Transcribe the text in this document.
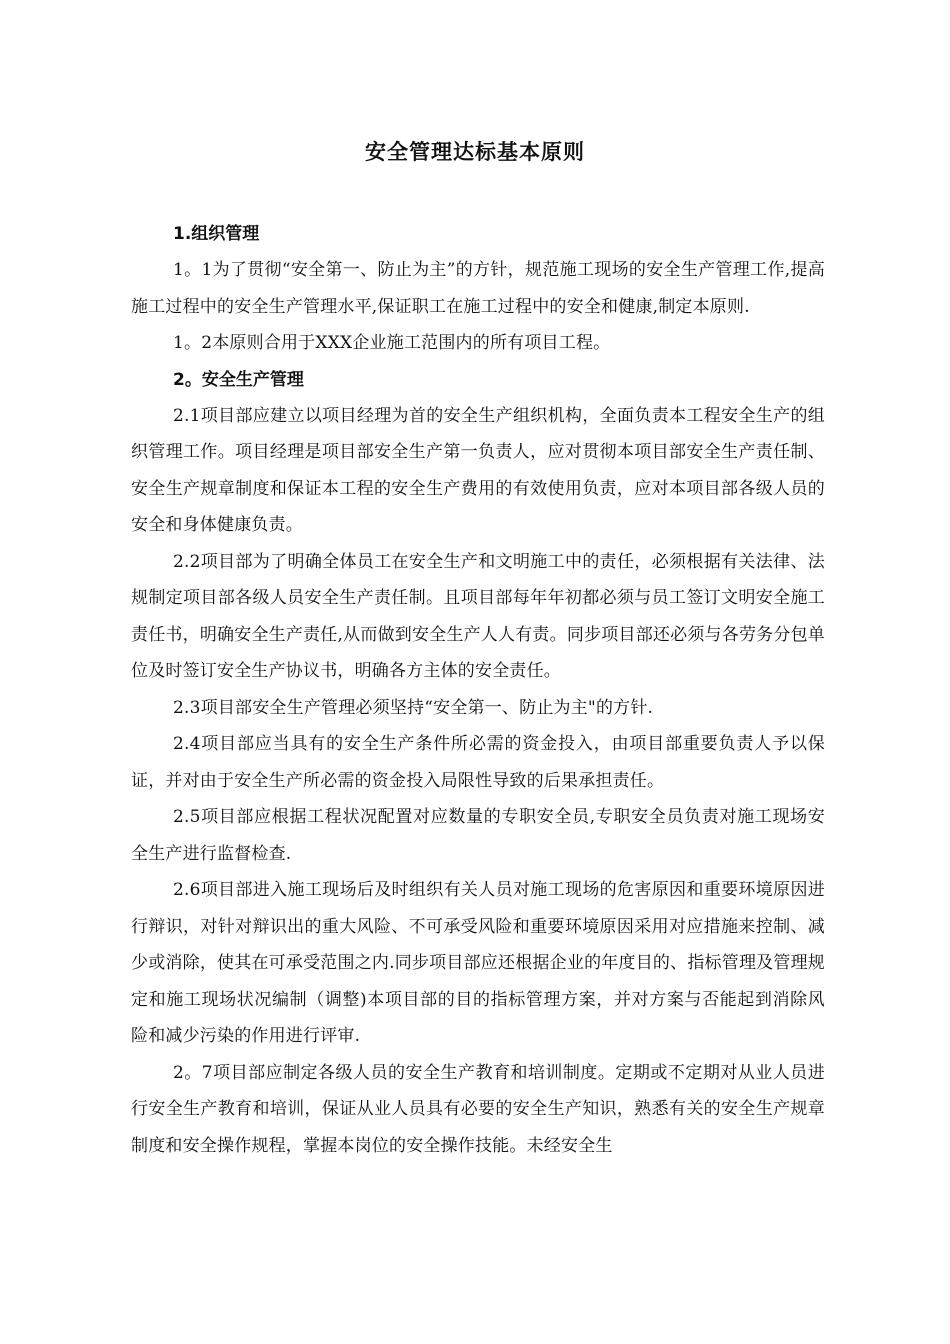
安全管理达标基本原则

1.组织管理

1。1为了贯彻“安全第一、防止为主”的方针，规范施工现场的安全生产管理工作,提高施工过程中的安全生产管理水平,保证职工在施工过程中的安全和健康,制定本原则.

1。2本原则合用于XXX企业施工范围内的所有项目工程。

2。安全生产管理

2.1项目部应建立以项目经理为首的安全生产组织机构，全面负责本工程安全生产的组织管理工作。项目经理是项目部安全生产第一负责人，应对贯彻本项目部安全生产责任制、安全生产规章制度和保证本工程的安全生产费用的有效使用负责，应对本项目部各级人员的安全和身体健康负责。

2.2项目部为了明确全体员工在安全生产和文明施工中的责任，必须根据有关法律、法规制定项目部各级人员安全生产责任制。且项目部每年年初都必须与员工签订文明安全施工责任书，明确安全生产责任,从而做到安全生产人人有责。同步项目部还必须与各劳务分包单位及时签订安全生产协议书，明确各方主体的安全责任。

2.3项目部安全生产管理必须坚持“安全第一、防止为主"的方针.

2.4项目部应当具有的安全生产条件所必需的资金投入，由项目部重要负责人予以保证，并对由于安全生产所必需的资金投入局限性导致的后果承担责任。

2.5项目部应根据工程状况配置对应数量的专职安全员,专职安全员负责对施工现场安全生产进行监督检查.

2.6项目部进入施工现场后及时组织有关人员对施工现场的危害原因和重要环境原因进行辩识，对针对辩识出的重大风险、不可承受风险和重要环境原因采用对应措施来控制、减少或消除，使其在可承受范围之内.同步项目部应还根据企业的年度目的、指标管理及管理规定和施工现场状况编制（调整)本项目部的目的指标管理方案，并对方案与否能起到消除风险和减少污染的作用进行评审.

2。7项目部应制定各级人员的安全生产教育和培训制度。定期或不定期对从业人员进行安全生产教育和培训，保证从业人员具有必要的安全生产知识，熟悉有关的安全生产规章制度和安全操作规程，掌握本岗位的安全操作技能。未经安全生
